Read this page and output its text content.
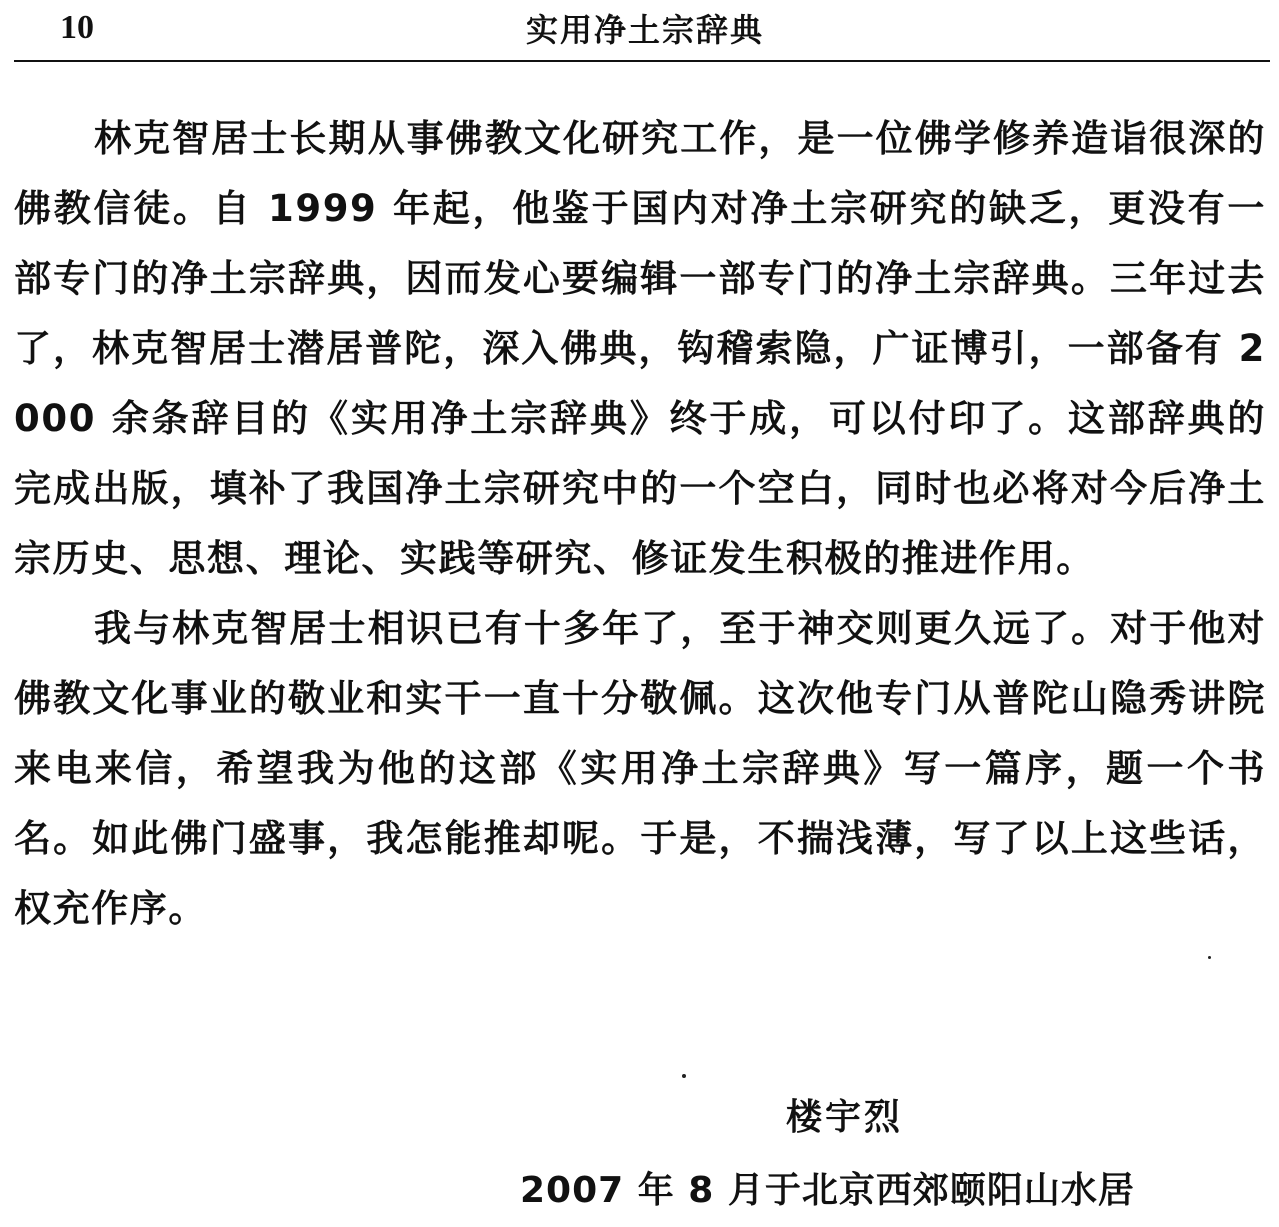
10	实用净土宗辞典

林克智居士长期从事佛教文化研究工作，是一位佛学修养造诣很深的佛教信徒。自 1999 年起，他鉴于国内对净土宗研究的缺乏，更没有一部专门的净土宗辞典，因而发心要编辑一部专门的净土宗辞典。三年过去了，林克智居士潜居普陀，深入佛典，钩稽索隐，广证博引，一部备有 2000 余条辞目的《实用净土宗辞典》终于成，可以付印了。这部辞典的完成出版，填补了我国净土宗研究中的一个空白，同时也必将对今后净土宗历史、思想、理论、实践等研究、修证发生积极的推进作用。

我与林克智居士相识已有十多年了，至于神交则更久远了。对于他对佛教文化事业的敬业和实干一直十分敬佩。这次他专门从普陀山隐秀讲院来电来信，希望我为他的这部《实用净土宗辞典》写一篇序，题一个书名。如此佛门盛事，我怎能推却呢。于是，不揣浅薄，写了以上这些话，权充作序。

楼宇烈
2007 年 8 月于北京西郊颐阳山水居
